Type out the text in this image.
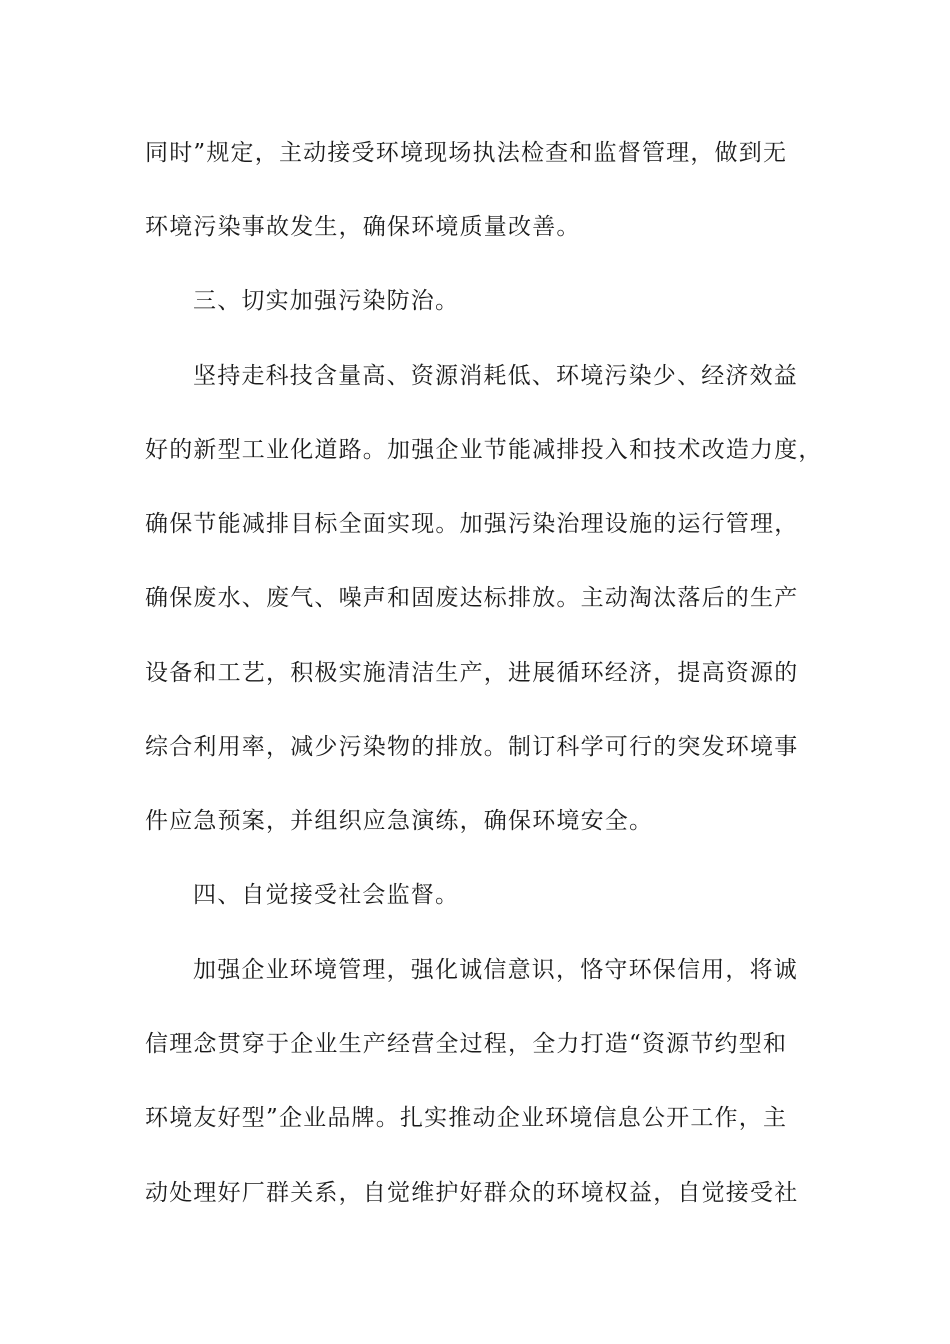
同时”规定，主动接受环境现场执法检查和监督管理，做到无
环境污染事故发生，确保环境质量改善。
三、切实加强污染防治。
坚持走科技含量高、资源消耗低、环境污染少、经济效益
好的新型工业化道路。加强企业节能减排投入和技术改造力度，
确保节能减排目标全面实现。加强污染治理设施的运行管理，
确保废水、废气、噪声和固废达标排放。主动淘汰落后的生产
设备和工艺，积极实施清洁生产，进展循环经济，提高资源的
综合利用率，减少污染物的排放。制订科学可行的突发环境事
件应急预案，并组织应急演练，确保环境安全。
四、自觉接受社会监督。
加强企业环境管理，强化诚信意识，恪守环保信用，将诚
信理念贯穿于企业生产经营全过程，全力打造“资源节约型和
环境友好型”企业品牌。扎实推动企业环境信息公开工作，主
动处理好厂群关系，自觉维护好群众的环境权益，自觉接受社
